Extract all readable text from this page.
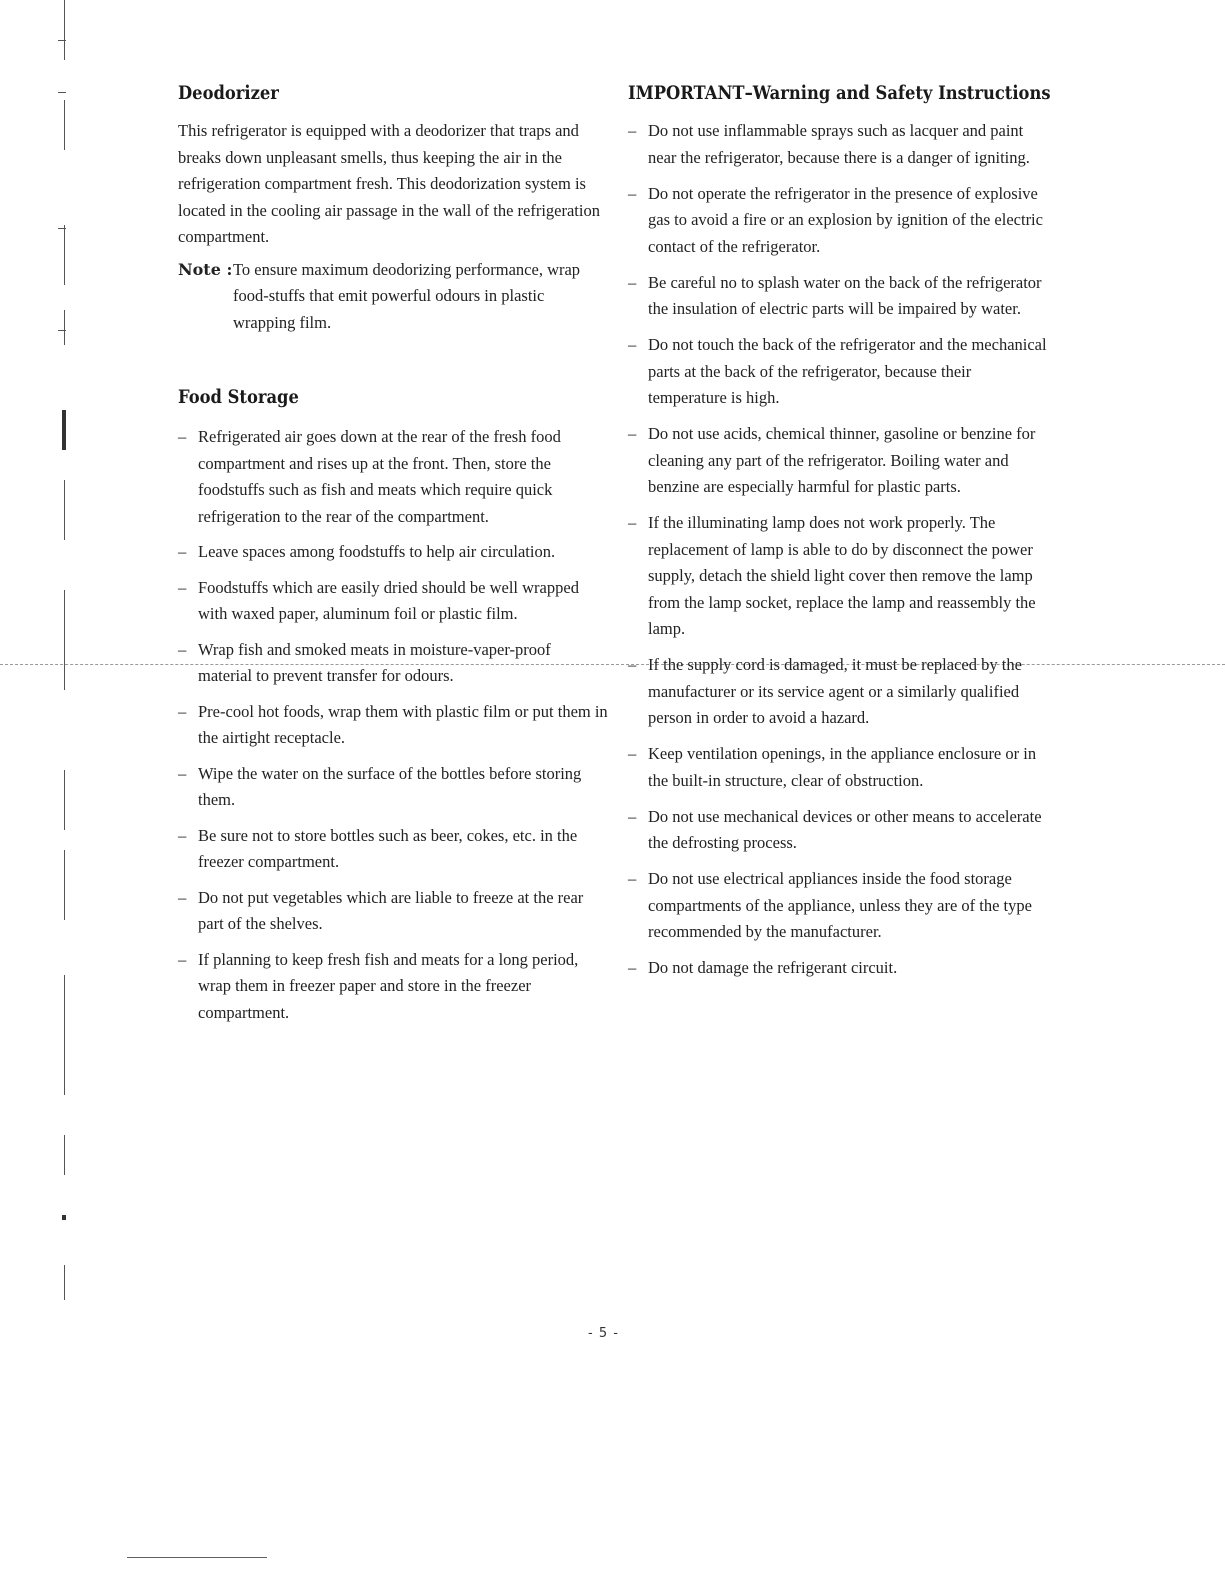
Deodorizer

This refrigerator is equipped with a deodorizer that traps and breaks down unpleasant smells, thus keeping the air in the refrigeration compartment fresh. This deodorization system is located in the cooling air passage in the wall of the refrigeration compartment.

Note : To ensure maximum deodorizing performance, wrap food-stuffs that emit powerful odours in plastic wrapping film.
Food Storage
– Refrigerated air goes down at the rear of the fresh food compartment and rises up at the front. Then, store the foodstuffs such as fish and meats which require quick refrigeration to the rear of the compartment.
– Leave spaces among foodstuffs to help air circulation.
– Foodstuffs which are easily dried should be well wrapped with waxed paper, aluminum foil or plastic film.
– Wrap fish and smoked meats in moisture-vaper-proof material to prevent transfer for odours.
– Pre-cool hot foods, wrap them with plastic film or put them in the airtight receptacle.
– Wipe the water on the surface of the bottles before storing them.
– Be sure not to store bottles such as beer, cokes, etc. in the freezer compartment.
– Do not put vegetables which are liable to freeze at the rear part of the shelves.
– If planning to keep fresh fish and meats for a long period, wrap them in freezer paper and store in the freezer compartment.
IMPORTANT–Warning and Safety Instructions
– Do not use inflammable sprays such as lacquer and paint near the refrigerator, because there is a danger of igniting.
– Do not operate the refrigerator in the presence of explosive gas to avoid a fire or an explosion by ignition of the electric contact of the refrigerator.
– Be careful no to splash water on the back of the refrigerator the insulation of electric parts will be impaired by water.
– Do not touch the back of the refrigerator and the mechanical parts at the back of the refrigerator, because their temperature is high.
– Do not use acids, chemical thinner, gasoline or benzine for cleaning any part of the refrigerator. Boiling water and benzine are especially harmful for plastic parts.
– If the illuminating lamp does not work properly. The replacement of lamp is able to do by disconnect the power supply, detach the shield light cover then remove the lamp from the lamp socket, replace the lamp and reassembly the lamp.
– If the supply cord is damaged, it must be replaced by the manufacturer or its service agent or a similarly qualified person in order to avoid a hazard.
– Keep ventilation openings, in the appliance enclosure or in the built-in structure, clear of obstruction.
– Do not use mechanical devices or other means to accelerate the defrosting process.
– Do not use electrical appliances inside the food storage compartments of the appliance, unless they are of the type recommended by the manufacturer.
– Do not damage the refrigerant circuit.
- 5 -
